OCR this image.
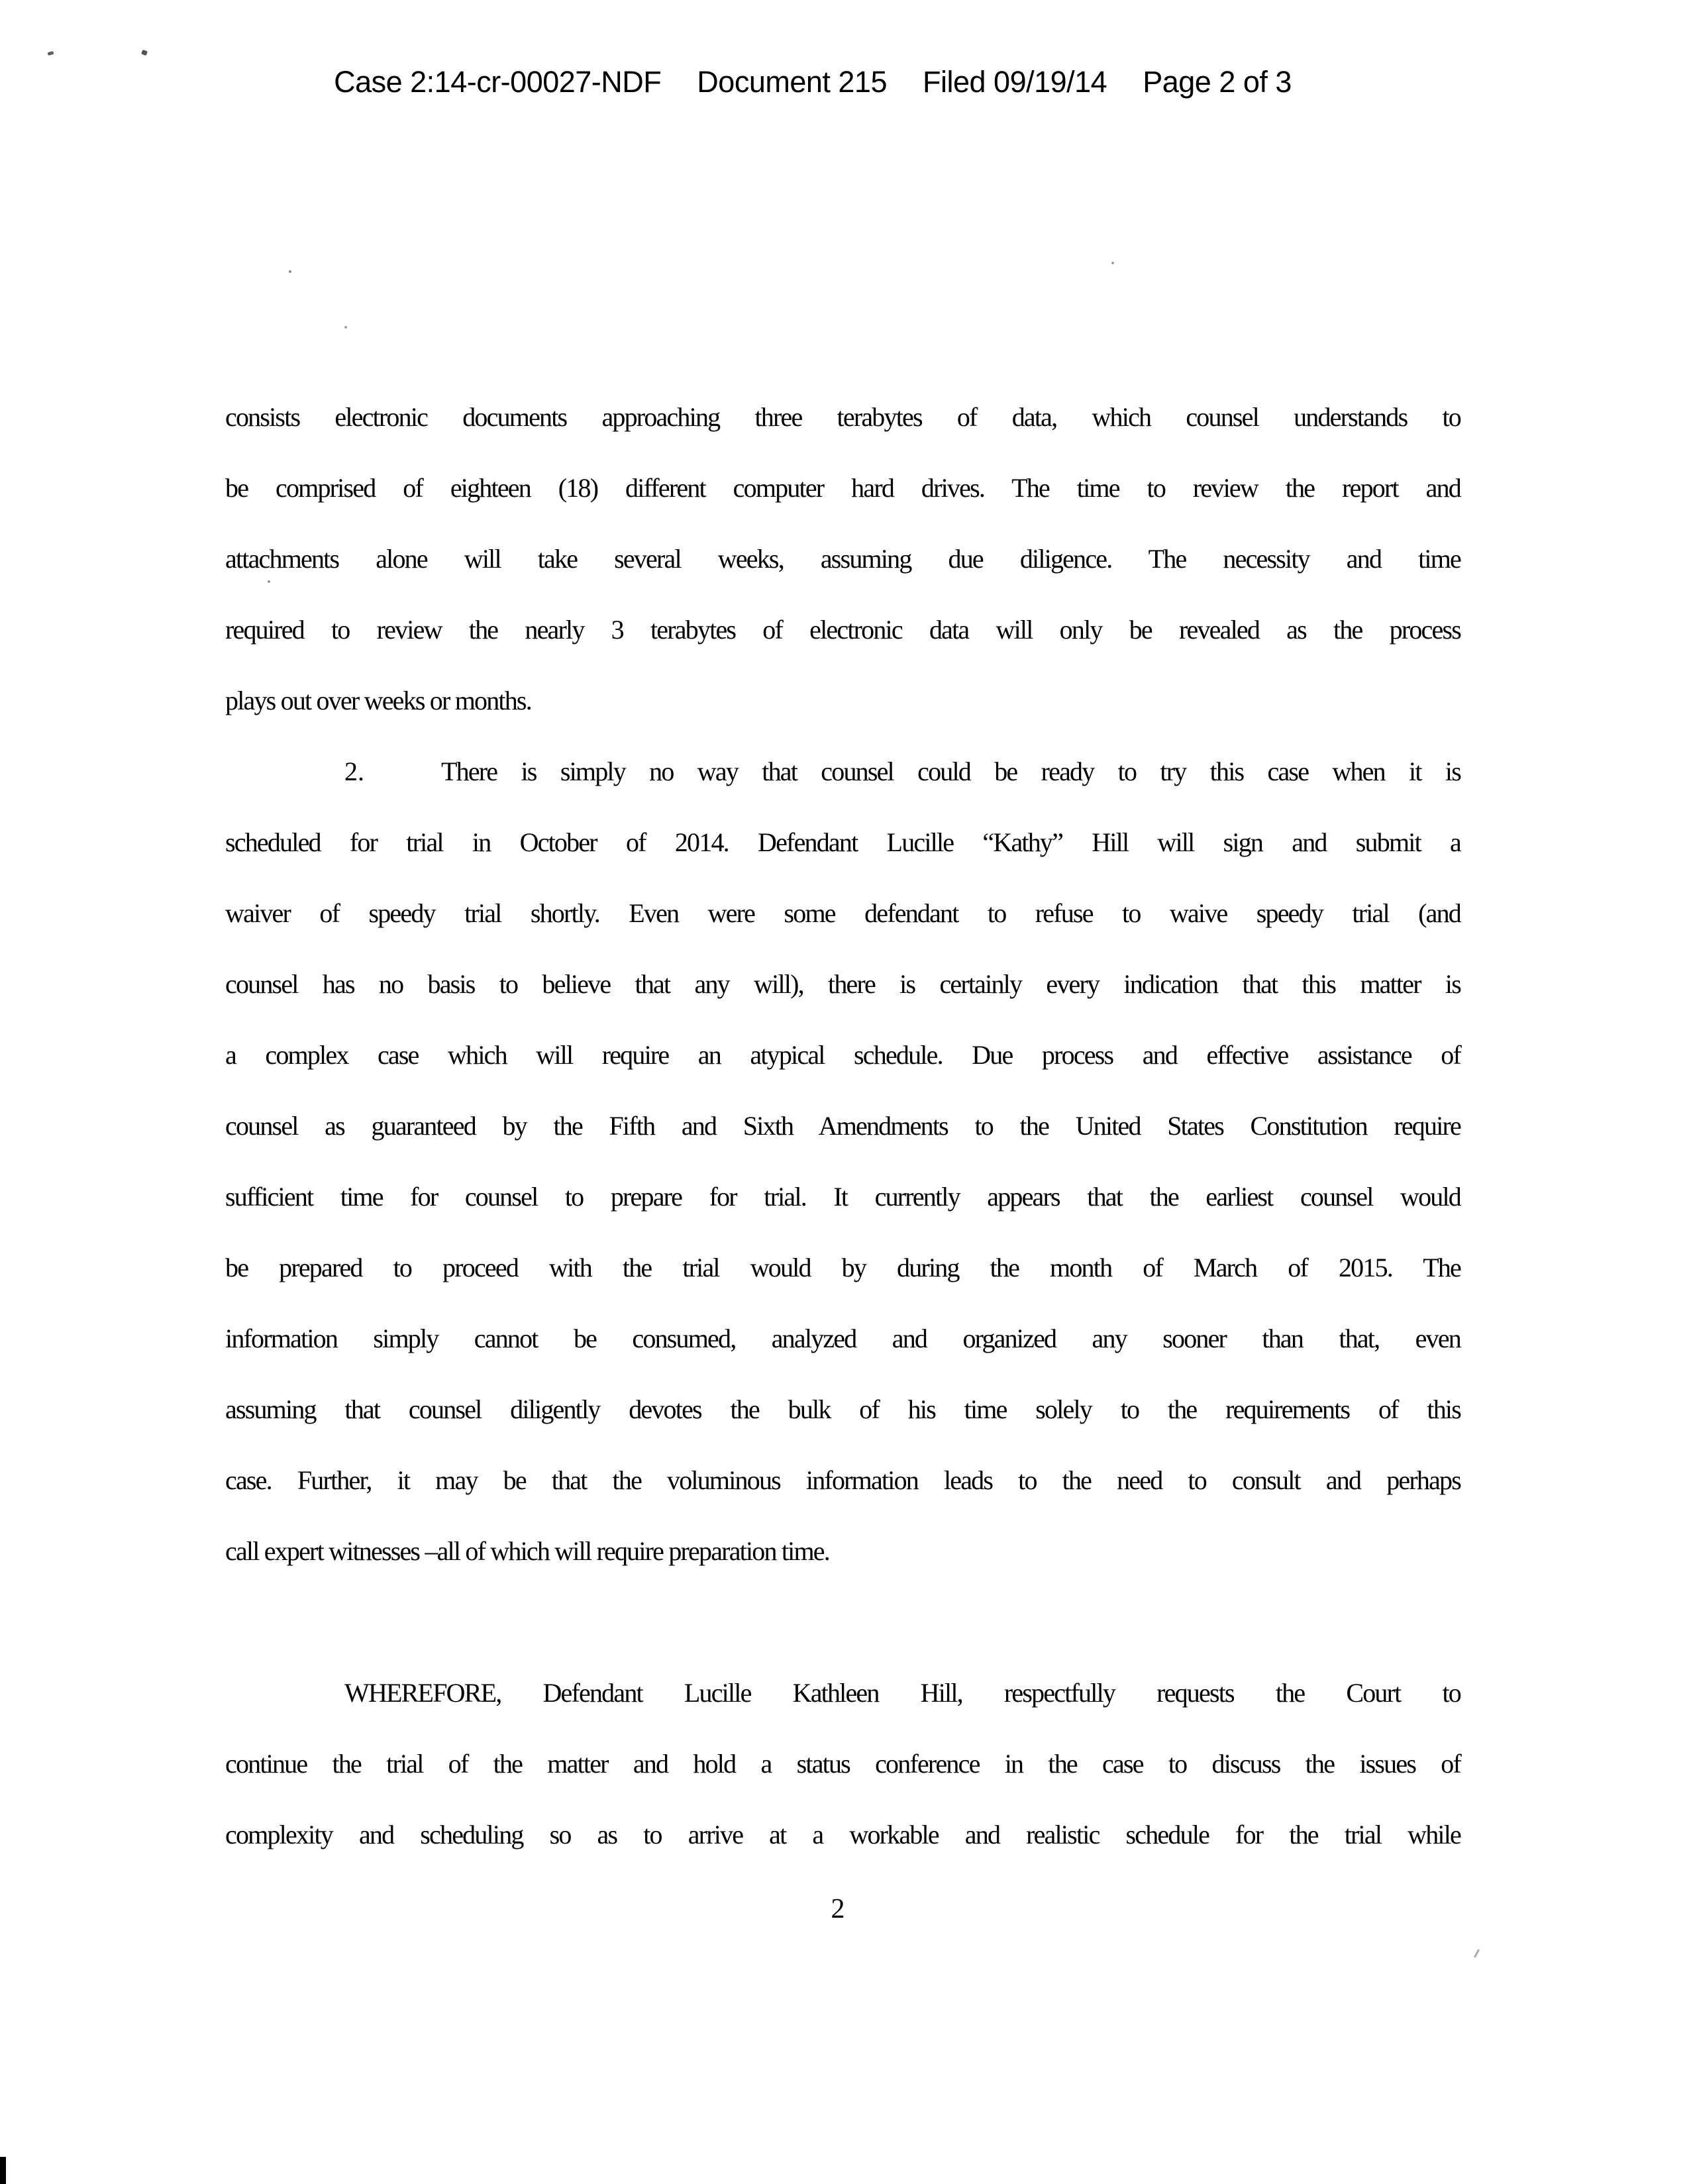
Case 2:14-cr-00027-NDF Document 215 Filed 09/19/14 Page 2 of 3
consists electronic documents approaching three terabytes of data, which counsel understands to
be comprised of eighteen (18) different computer hard drives. The time to review the report and
attachments alone will take several weeks, assuming due diligence. The necessity and time
required to review the nearly 3 terabytes of electronic data will only be revealed as the process
plays out over weeks or months.
2.	There is simply no way that counsel could be ready to try this case when it is
scheduled for trial in October of 2014. Defendant Lucille “Kathy” Hill will sign and submit a
waiver of speedy trial shortly. Even were some defendant to refuse to waive speedy trial (and
counsel has no basis to believe that any will), there is certainly every indication that this matter is
a complex case which will require an atypical schedule. Due process and effective assistance of
counsel as guaranteed by the Fifth and Sixth Amendments to the United States Constitution require
sufficient time for counsel to prepare for trial. It currently appears that the earliest counsel would
be prepared to proceed with the trial would by during the month of March of 2015. The
information simply cannot be consumed, analyzed and organized any sooner than that, even
assuming that counsel diligently devotes the bulk of his time solely to the requirements of this
case. Further, it may be that the voluminous information leads to the need to consult and perhaps
call expert witnesses –all of which will require preparation time.
WHEREFORE, Defendant Lucille Kathleen Hill, respectfully requests the Court to
continue the trial of the matter and hold a status conference in the case to discuss the issues of
complexity and scheduling so as to arrive at a workable and realistic schedule for the trial while
2
